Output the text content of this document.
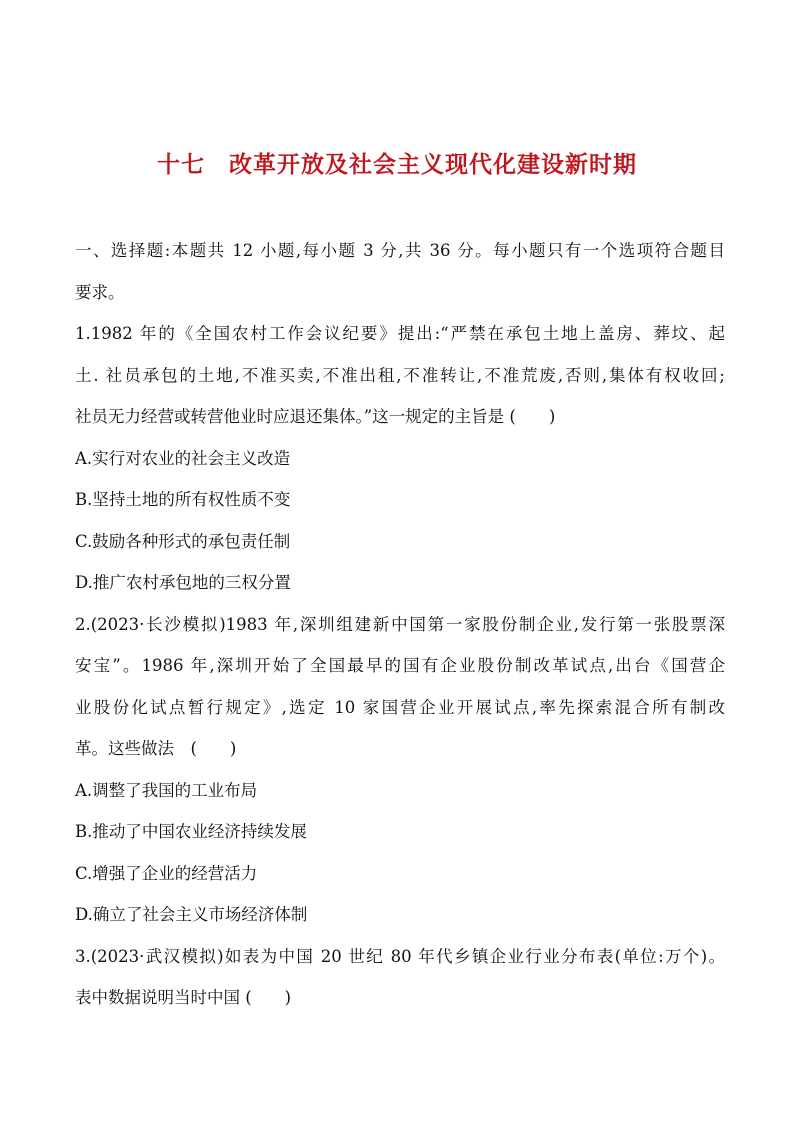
十七　改革开放及社会主义现代化建设新时期
一、选择题:本题共 12 小题,每小题 3 分,共 36 分。每小题只有一个选项符合题目
要求。
1.1982 年的《全国农村工作会议纪要》提出:“严禁在承包土地上盖房、葬坟、起
土. 社员承包的土地,不准买卖,不准出租,不准转让,不准荒废,否则,集体有权收回;
社员无力经营或转营他业时应退还集体。”这一规定的主旨是 (　　)
A.实行对农业的社会主义改造
B.坚持土地的所有权性质不变
C.鼓励各种形式的承包责任制
D.推广农村承包地的三权分置
2.(2023·长沙模拟)1983 年,深圳组建新中国第一家股份制企业,发行第一张股票深
安宝”。1986 年,深圳开始了全国最早的国有企业股份制改革试点,出台《国营企
业股份化试点暂行规定》,选定 10 家国营企业开展试点,率先探索混合所有制改
革。这些做法　(　　)
A.调整了我国的工业布局
B.推动了中国农业经济持续发展
C.增强了企业的经营活力
D.确立了社会主义市场经济体制
3.(2023·武汉模拟)如表为中国 20 世纪 80 年代乡镇企业行业分布表(单位:万个)。
表中数据说明当时中国 (　　)
